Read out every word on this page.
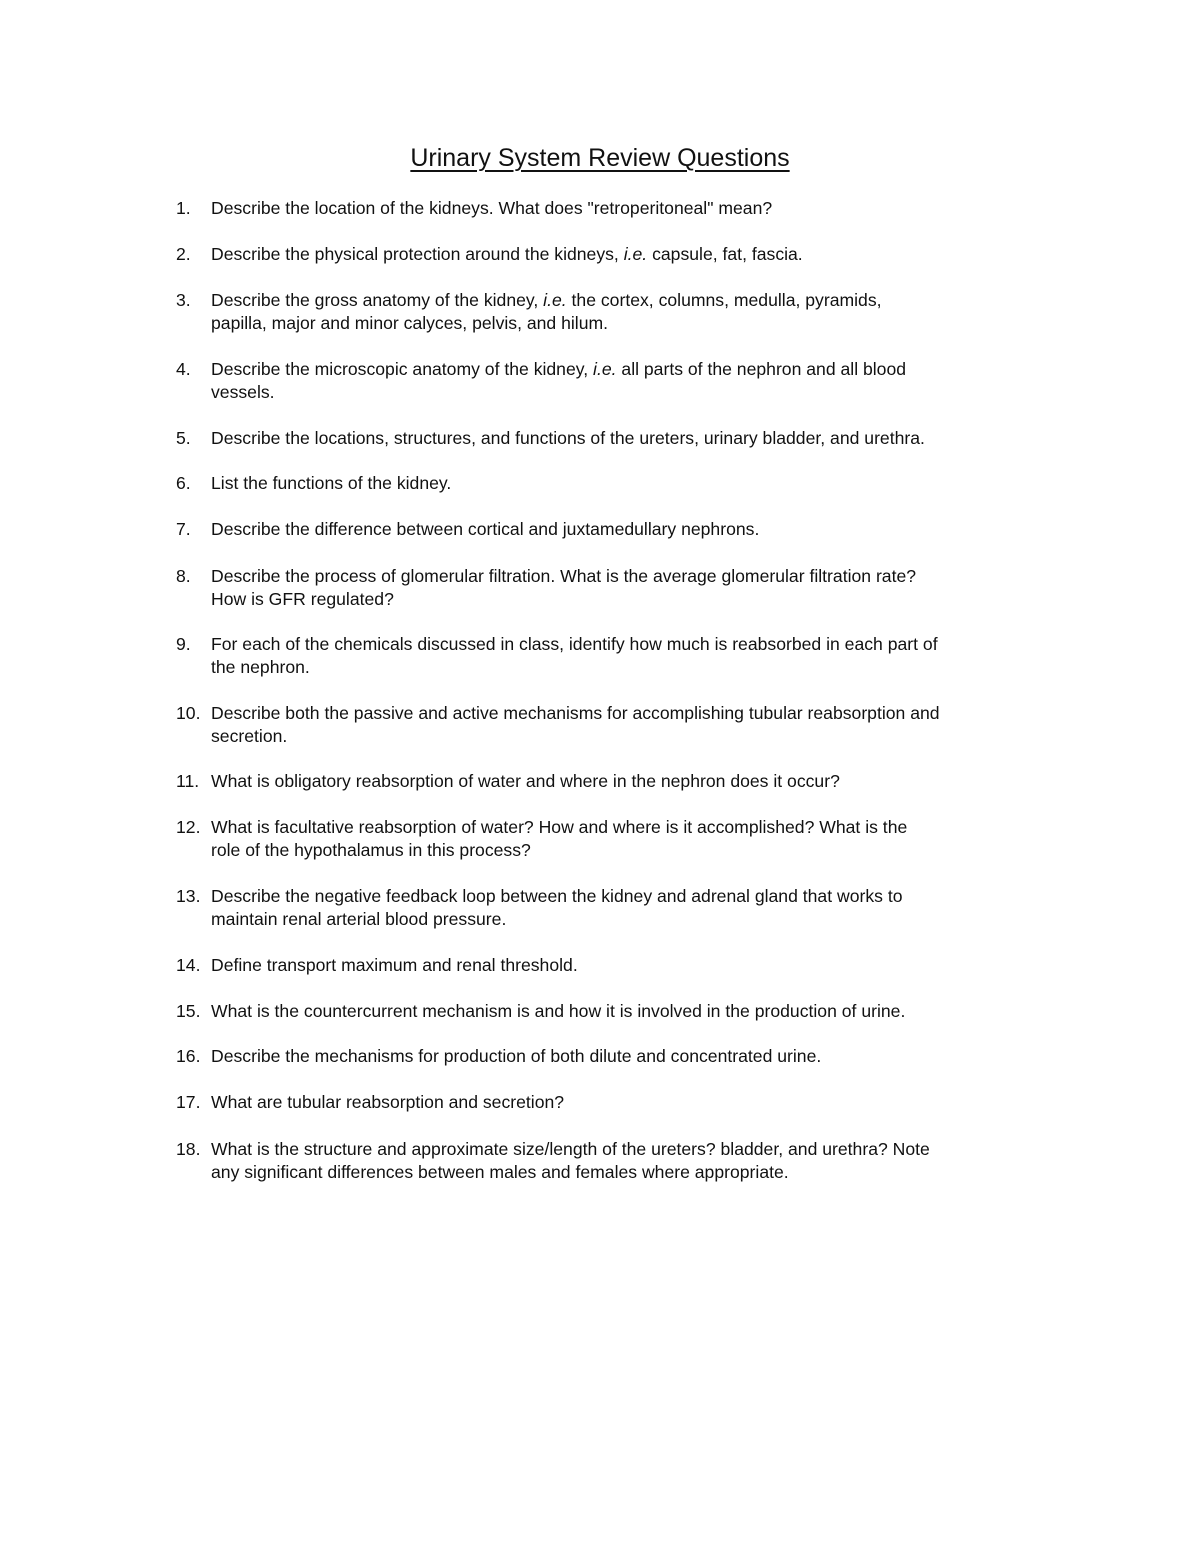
Urinary System Review Questions
1.	Describe the location of the kidneys. What does "retroperitoneal" mean?
2.	Describe the physical protection around the kidneys, i.e. capsule, fat, fascia.
3.	Describe the gross anatomy of the kidney, i.e. the cortex, columns, medulla, pyramids,
papilla, major and minor calyces, pelvis, and hilum.
4.	Describe the microscopic anatomy of the kidney, i.e. all parts of the nephron and all blood
vessels.
5.	Describe the locations, structures, and functions of the ureters, urinary bladder, and urethra.
6.	List the functions of the kidney.
7.	Describe the difference between cortical and juxtamedullary nephrons.
8.	Describe the process of glomerular filtration. What is the average glomerular filtration rate?
How is GFR regulated?
9.	For each of the chemicals discussed in class, identify how much is reabsorbed in each part of
the nephron.
10. Describe both the passive and active mechanisms for accomplishing tubular reabsorption and
secretion.
11. What is obligatory reabsorption of water and where in the nephron does it occur?
12. What is facultative reabsorption of water? How and where is it accomplished? What is the
role of the hypothalamus in this process?
13. Describe the negative feedback loop between the kidney and adrenal gland that works to
maintain renal arterial blood pressure.
14. Define transport maximum and renal threshold.
15. What is the countercurrent mechanism is and how it is involved in the production of urine.
16. Describe the mechanisms for production of both dilute and concentrated urine.
17. What are tubular reabsorption and secretion?
18. What is the structure and approximate size/length of the ureters? bladder, and urethra? Note
any significant differences between males and females where appropriate.
